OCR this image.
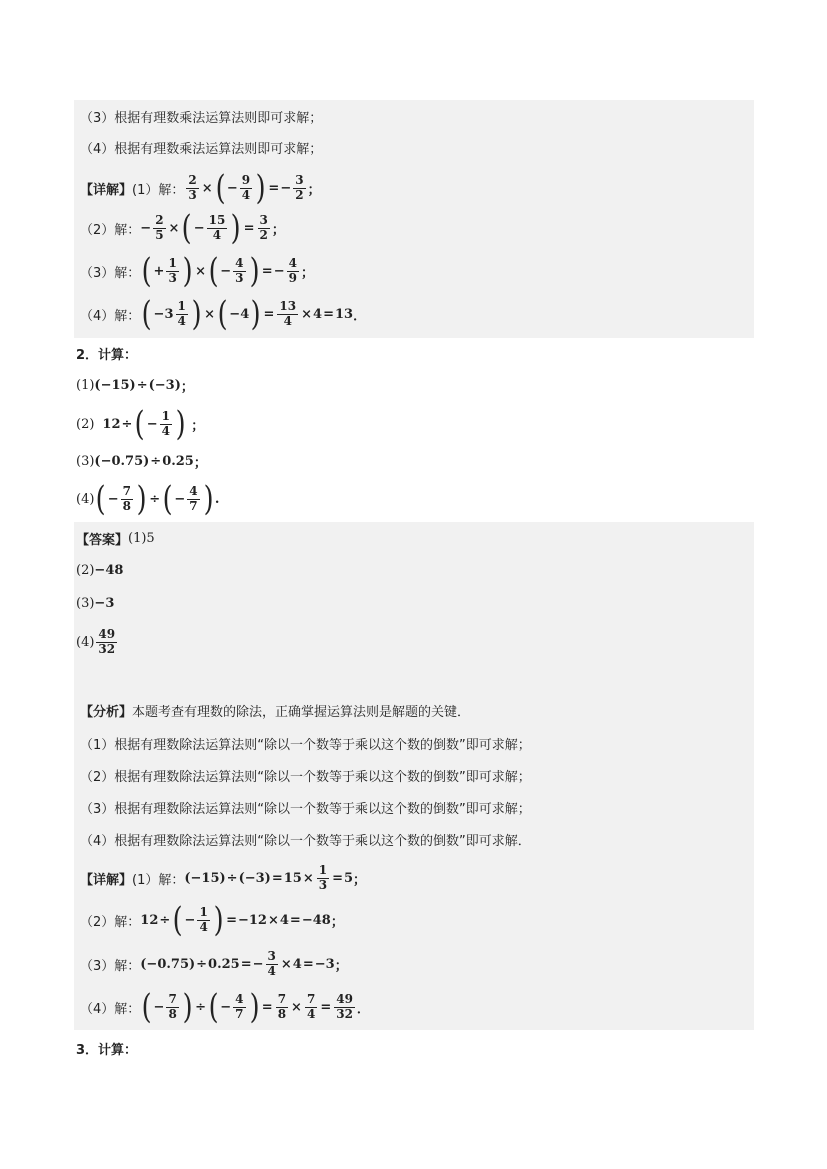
（3）根据有理数乘法运算法则即可求解；
（4）根据有理数乘法运算法则即可求解；
【详解】 (1）解： $\frac{2}{3}$ × ( − $\frac{9}{4}$ ) = − $\frac{3}{2}$ ；
（2）解： − $\frac{2}{5}$ × ( − $\frac{15}{4}$ ) = $\frac{3}{2}$ ；
（3）解： ( + $\frac{1}{3}$ ) × ( − $\frac{4}{3}$ ) = − $\frac{4}{9}$ ；
（4）解： ( $-3 \frac{1}{4}$ ) × ( −4 ) = $\frac{13}{4} \times 4 = 13$ ．
2．计算：
(1) (−15) ÷ (−3) ；
(2) 12 ÷ ( − $\frac{1}{4}$ ) ；
(3) (−0.75) ÷ 0.25 ；
(4) ( − $\frac{7}{8}$ ) ÷ ( − $\frac{4}{7}$ ) .
【答案】 (1)5
(2) −48
(3) −3
$(4) \frac{49}{32}$
【分析】 本题考查有理数的除法，正确掌握运算法则是解题的关键．
（1）根据有理数除法运算法则“除以一个数等于乘以这个数的倒数”即可求解；
（2）根据有理数除法运算法则“除以一个数等于乘以这个数的倒数”即可求解；
（3）根据有理数除法运算法则“除以一个数等于乘以这个数的倒数”即可求解；
（4）根据有理数除法运算法则“除以一个数等于乘以这个数的倒数”即可求解．
【详解】 (1）解： $(-15) \div (-3) = 15 \times \frac{1}{3} = 5$ ；
（2）解： 12 ÷ ( − $\frac{1}{4}$ ) = −12 × 4 = −48 ；
（3）解： (−0.75) ÷ 0.25 = − $\frac{3}{4} \times 4 = -3$ ；
（4）解： ( − $\frac{7}{8}$ ) ÷ ( − $\frac{4}{7}$ ) = $\frac{7}{8} \times \frac{7}{4} = \frac{49}{32}$ ．
3．计算：
